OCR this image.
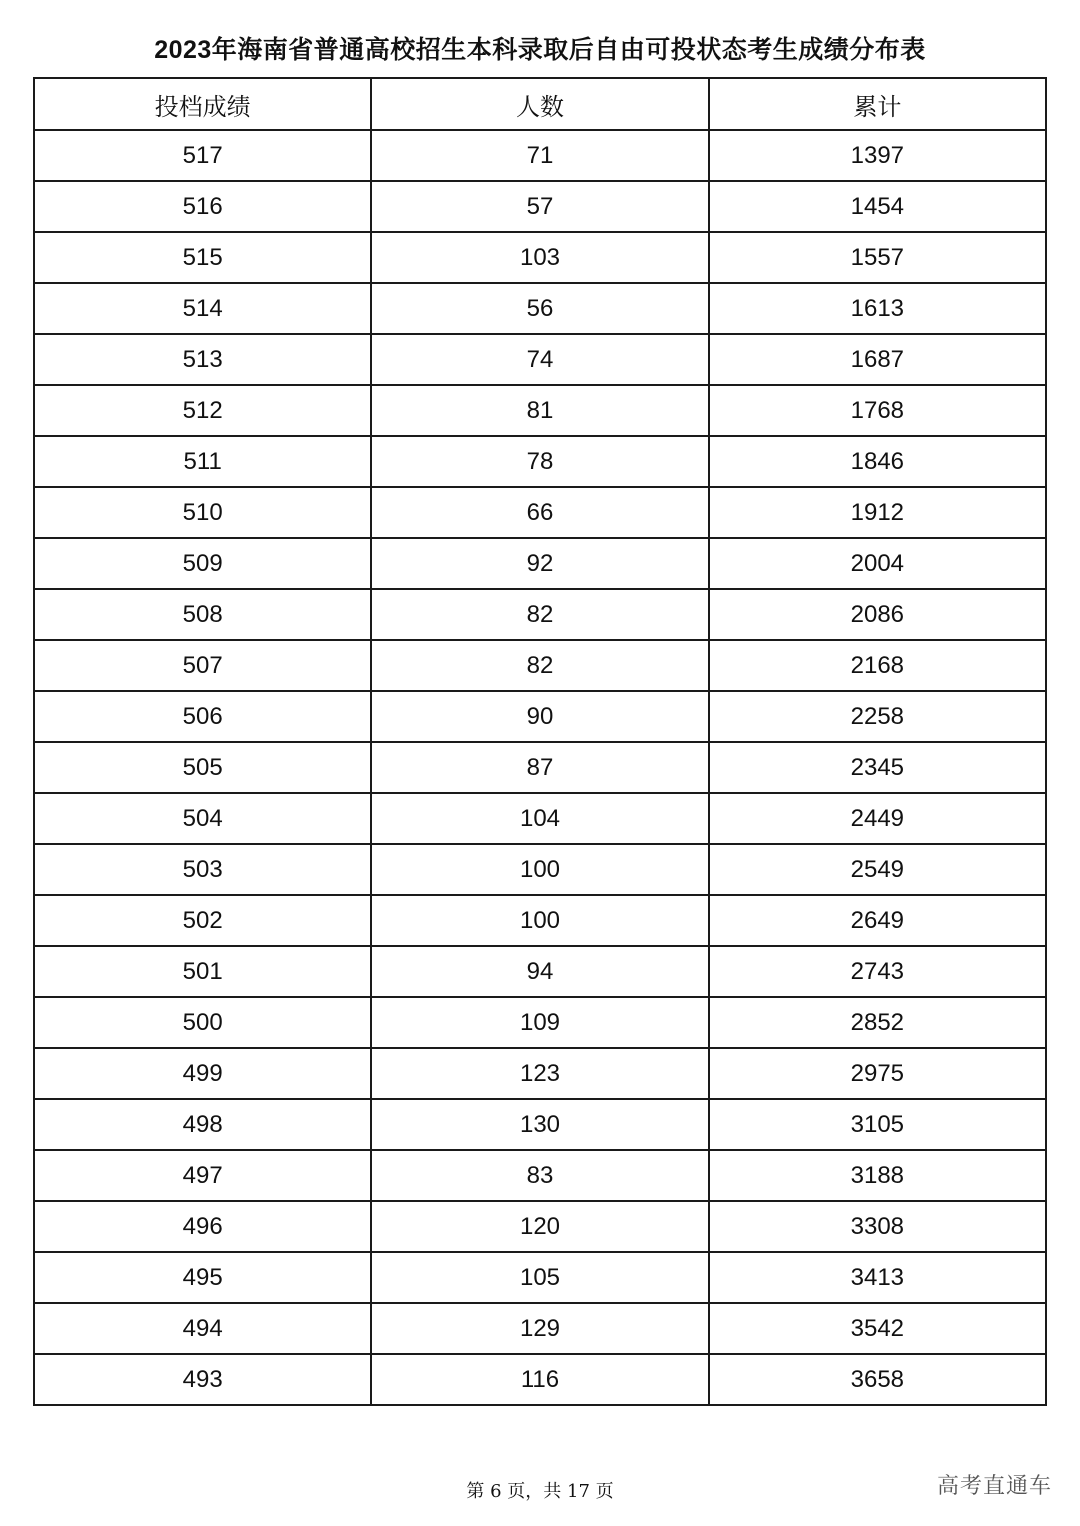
2023年海南省普通高校招生本科录取后自由可投状态考生成绩分布表
投档成绩	人数	累计
517	71	1397
516	57	1454
515	103	1557
514	56	1613
513	74	1687
512	81	1768
511	78	1846
510	66	1912
509	92	2004
508	82	2086
507	82	2168
506	90	2258
505	87	2345
504	104	2449
503	100	2549
502	100	2649
501	94	2743
500	109	2852
499	123	2975
498	130	3105
497	83	3188
496	120	3308
495	105	3413
494	129	3542
493	116	3658
第 6 页，共 17 页	高考直通车
